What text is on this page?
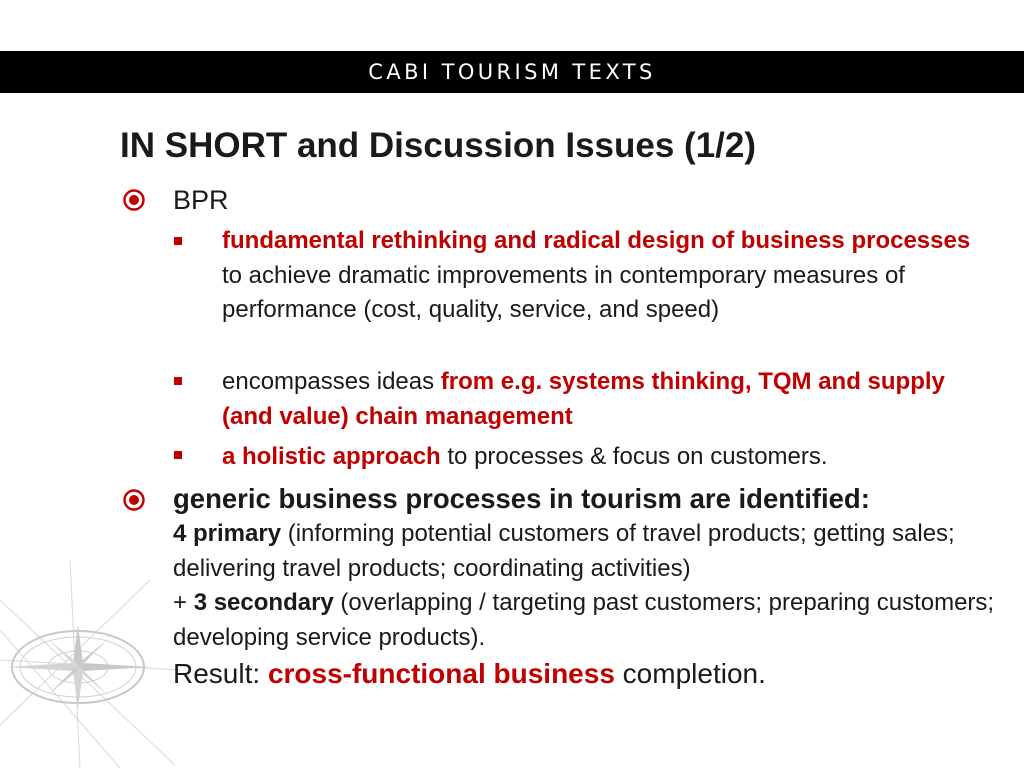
CABI TOURISM TEXTS
IN SHORT and Discussion Issues (1/2)
BPR
fundamental rethinking and radical design of business processes to achieve dramatic improvements in contemporary measures of performance (cost, quality, service, and speed)
encompasses ideas from e.g. systems thinking, TQM and supply (and value) chain management
a holistic approach to processes & focus on customers.
generic business processes in tourism are identified:
4 primary (informing potential customers of travel products; getting sales; delivering travel products; coordinating activities)
+ 3 secondary (overlapping / targeting past customers; preparing customers; developing service products).
Result: cross-functional business completion.
